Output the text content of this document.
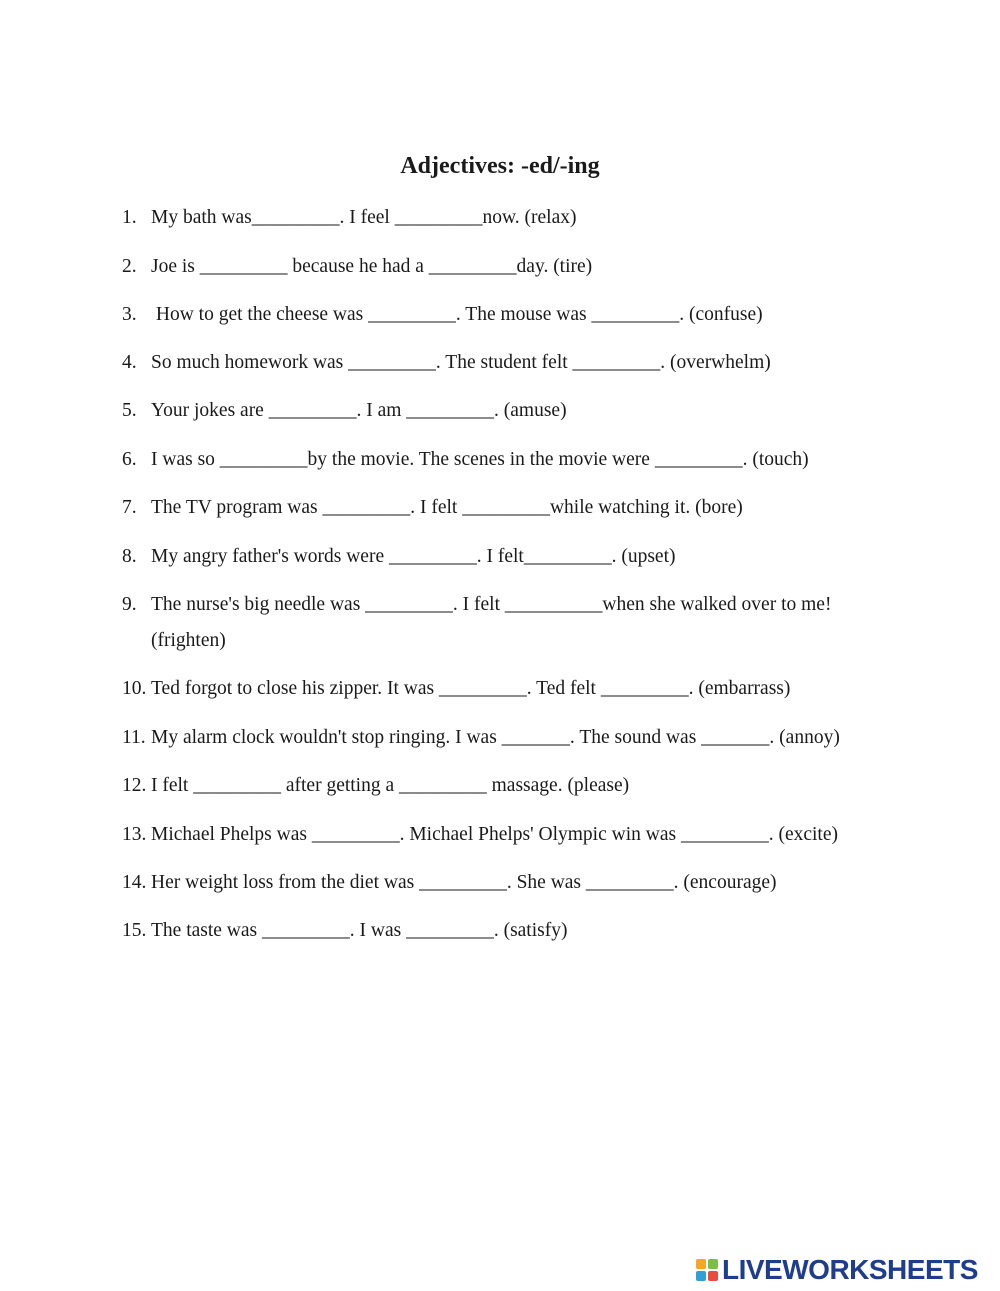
Adjectives: -ed/-ing
1. My bath was_________. I feel _________now. (relax)
2. Joe is _________ because he had a _________day. (tire)
3. How to get the cheese was _________. The mouse was _________. (confuse)
4. So much homework was _________. The student felt _________. (overwhelm)
5. Your jokes are _________. I am _________. (amuse)
6. I was so _________by the movie. The scenes in the movie were _________. (touch)
7. The TV program was _________. I felt _________while watching it. (bore)
8. My angry father's words were _________. I felt_________. (upset)
9. The nurse's big needle was _________. I felt __________when she walked over to me!
(frighten)
10. Ted forgot to close his zipper. It was _________. Ted felt _________. (embarrass)
11. My alarm clock wouldn't stop ringing. I was _______. The sound was _______. (annoy)
12. I felt _________ after getting a _________ massage. (please)
13. Michael Phelps was _________. Michael Phelps' Olympic win was _________. (excite)
14. Her weight loss from the diet was _________. She was _________. (encourage)
15. The taste was _________. I was _________. (satisfy)
LIVEWORKSHEETS
